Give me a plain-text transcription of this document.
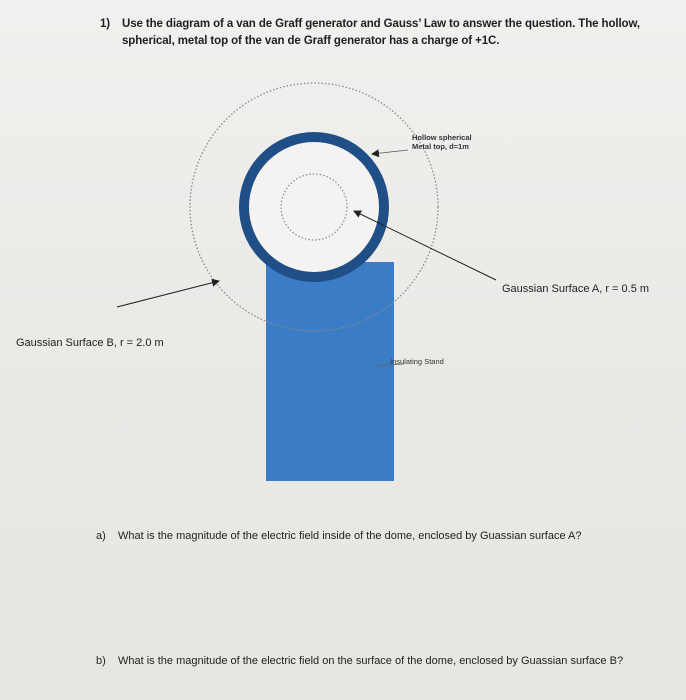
1) Use the diagram of a van de Graff generator and Gauss’ Law to answer the question. The hollow, spherical, metal top of the van de Graff generator has a charge of +1C.
Hollow spherical
Metal top, d=1m
Gaussian Surface A, r = 0.5 m
Gaussian Surface B, r = 2.0 m
Insulating Stand
a) What is the magnitude of the electric field inside of the dome, enclosed by Guassian surface A?
b) What is the magnitude of the electric field on the surface of the dome, enclosed by Guassian surface B?
